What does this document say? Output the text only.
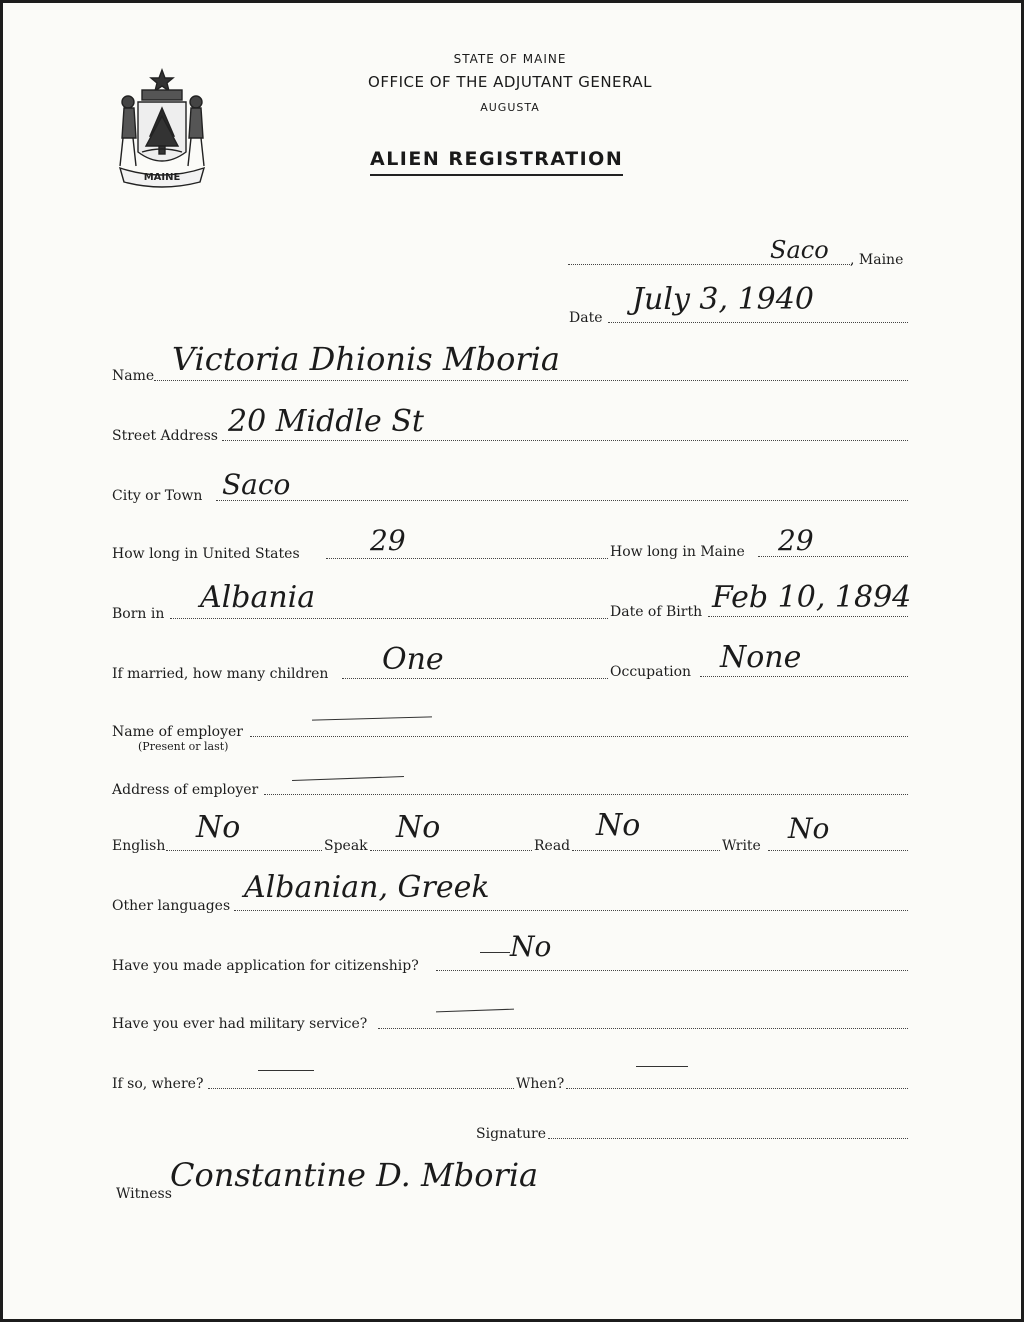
MAINE
STATE OF MAINE
OFFICE OF THE ADJUTANT GENERAL
AUGUSTA
ALIEN REGISTRATION
Saco , Maine
Date
July 3, 1940
Name Victoria Dhionis Mboria
Street Address 20 Middle St
City or Town Saco
How long in United States	29	How long in Maine 29
Born in Albania	Date of Birth Feb 10, 1894
If married, how many children One	Occupation None
Name of employer
(Present or last)
Address of employer
English
No
Speak
No
Read
No
Write
No
Other languages
Albanian, Greek
Have you made application for citizenship?
No
Have you ever had military service?
If so, where?	When?
Signature
Witness
Constantine D. Mboria
